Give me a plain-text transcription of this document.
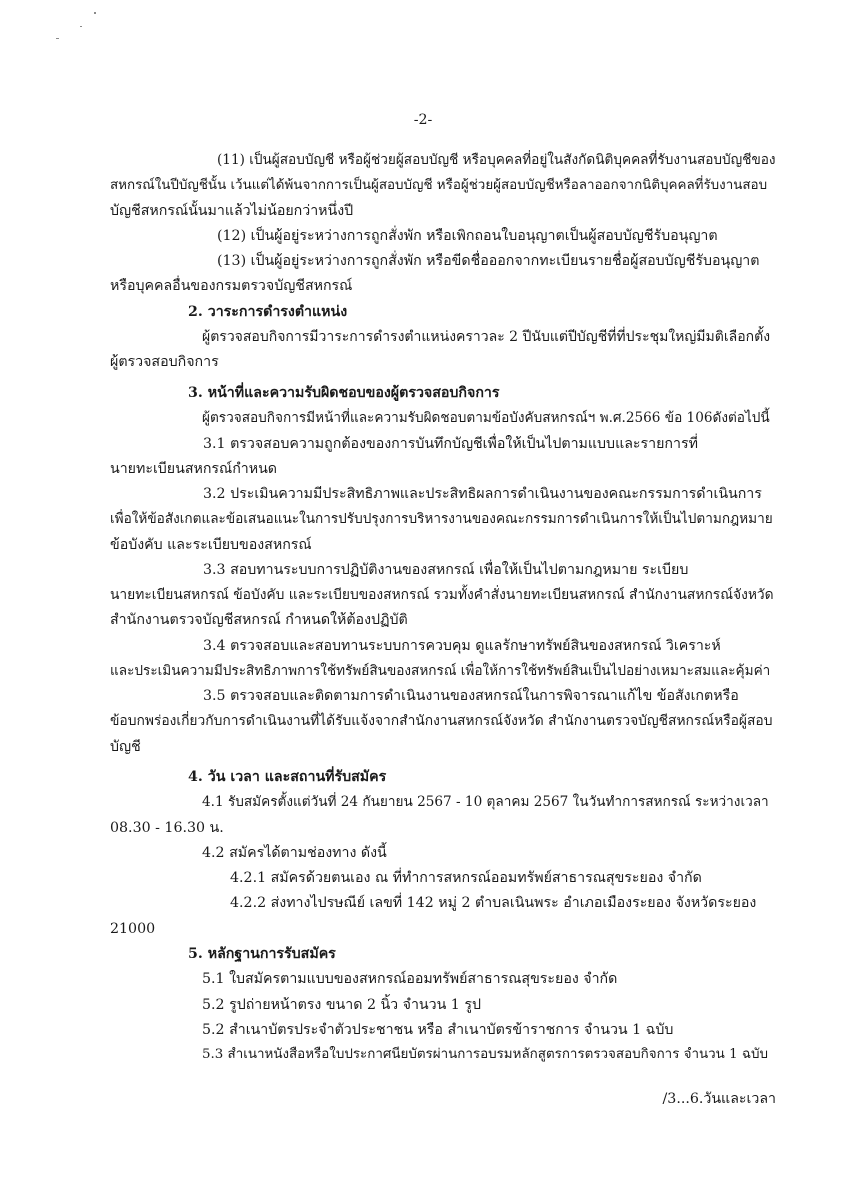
-2-
(11) เป็นผู้สอบบัญชี หรือผู้ช่วยผู้สอบบัญชี หรือบุคคลที่อยู่ในสังกัดนิติบุคคลที่รับงานสอบบัญชีของ
สหกรณ์ในปีบัญชีนั้น เว้นแต่ได้พ้นจากการเป็นผู้สอบบัญชี หรือผู้ช่วยผู้สอบบัญชีหรือลาออกจากนิติบุคคลที่รับงานสอบ
บัญชีสหกรณ์นั้นมาแล้วไม่น้อยกว่าหนึ่งปี
(12) เป็นผู้อยู่ระหว่างการถูกสั่งพัก หรือเพิกถอนใบอนุญาตเป็นผู้สอบบัญชีรับอนุญาต
(13) เป็นผู้อยู่ระหว่างการถูกสั่งพัก หรือขีดชื่อออกจากทะเบียนรายชื่อผู้สอบบัญชีรับอนุญาต
หรือบุคคลอื่นของกรมตรวจบัญชีสหกรณ์
2. วาระการดำรงตำแหน่ง
ผู้ตรวจสอบกิจการมีวาระการดำรงตำแหน่งคราวละ 2 ปีนับแต่ปีบัญชีที่ที่ประชุมใหญ่มีมติเลือกตั้ง
ผู้ตรวจสอบกิจการ
3. หน้าที่และความรับผิดชอบของผู้ตรวจสอบกิจการ
ผู้ตรวจสอบกิจการมีหน้าที่และความรับผิดชอบตามข้อบังคับสหกรณ์ฯ พ.ศ.2566 ข้อ 106ดังต่อไปนี้
3.1 ตรวจสอบความถูกต้องของการบันทึกบัญชีเพื่อให้เป็นไปตามแบบและรายการที่
นายทะเบียนสหกรณ์กำหนด
3.2 ประเมินความมีประสิทธิภาพและประสิทธิผลการดำเนินงานของคณะกรรมการดำเนินการ
เพื่อให้ข้อสังเกตและข้อเสนอแนะในการปรับปรุงการบริหารงานของคณะกรรมการดำเนินการให้เป็นไปตามกฎหมาย
ข้อบังคับ และระเบียบของสหกรณ์
3.3 สอบทานระบบการปฏิบัติงานของสหกรณ์ เพื่อให้เป็นไปตามกฎหมาย ระเบียบ
นายทะเบียนสหกรณ์ ข้อบังคับ และระเบียบของสหกรณ์ รวมทั้งคำสั่งนายทะเบียนสหกรณ์ สำนักงานสหกรณ์จังหวัด
สำนักงานตรวจบัญชีสหกรณ์ กำหนดให้ต้องปฏิบัติ
3.4 ตรวจสอบและสอบทานระบบการควบคุม ดูแลรักษาทรัพย์สินของสหกรณ์ วิเคราะห์
และประเมินความมีประสิทธิภาพการใช้ทรัพย์สินของสหกรณ์ เพื่อให้การใช้ทรัพย์สินเป็นไปอย่างเหมาะสมและคุ้มค่า
3.5 ตรวจสอบและติดตามการดำเนินงานของสหกรณ์ในการพิจารณาแก้ไข ข้อสังเกตหรือ
ข้อบกพร่องเกี่ยวกับการดำเนินงานที่ได้รับแจ้งจากสำนักงานสหกรณ์จังหวัด สำนักงานตรวจบัญชีสหกรณ์หรือผู้สอบ
บัญชี
4. วัน เวลา และสถานที่รับสมัคร
4.1 รับสมัครตั้งแต่วันที่ 24 กันยายน 2567 - 10 ตุลาคม 2567 ในวันทำการสหกรณ์ ระหว่างเวลา
08.30 - 16.30 น.
4.2 สมัครได้ตามช่องทาง ดังนี้
4.2.1 สมัครด้วยตนเอง ณ ที่ทำการสหกรณ์ออมทรัพย์สาธารณสุขระยอง จำกัด
4.2.2 ส่งทางไปรษณีย์ เลขที่ 142 หมู่ 2 ตำบลเนินพระ อำเภอเมืองระยอง จังหวัดระยอง
21000
5. หลักฐานการรับสมัคร
5.1 ใบสมัครตามแบบของสหกรณ์ออมทรัพย์สาธารณสุขระยอง จำกัด
5.2 รูปถ่ายหน้าตรง ขนาด 2 นิ้ว จำนวน 1 รูป
5.2 สำเนาบัตรประจำตัวประชาชน หรือ สำเนาบัตรข้าราชการ จำนวน 1 ฉบับ
5.3 สำเนาหนังสือหรือใบประกาศนียบัตรผ่านการอบรมหลักสูตรการตรวจสอบกิจการ จำนวน 1 ฉบับ
/3...6.วันและเวลา
